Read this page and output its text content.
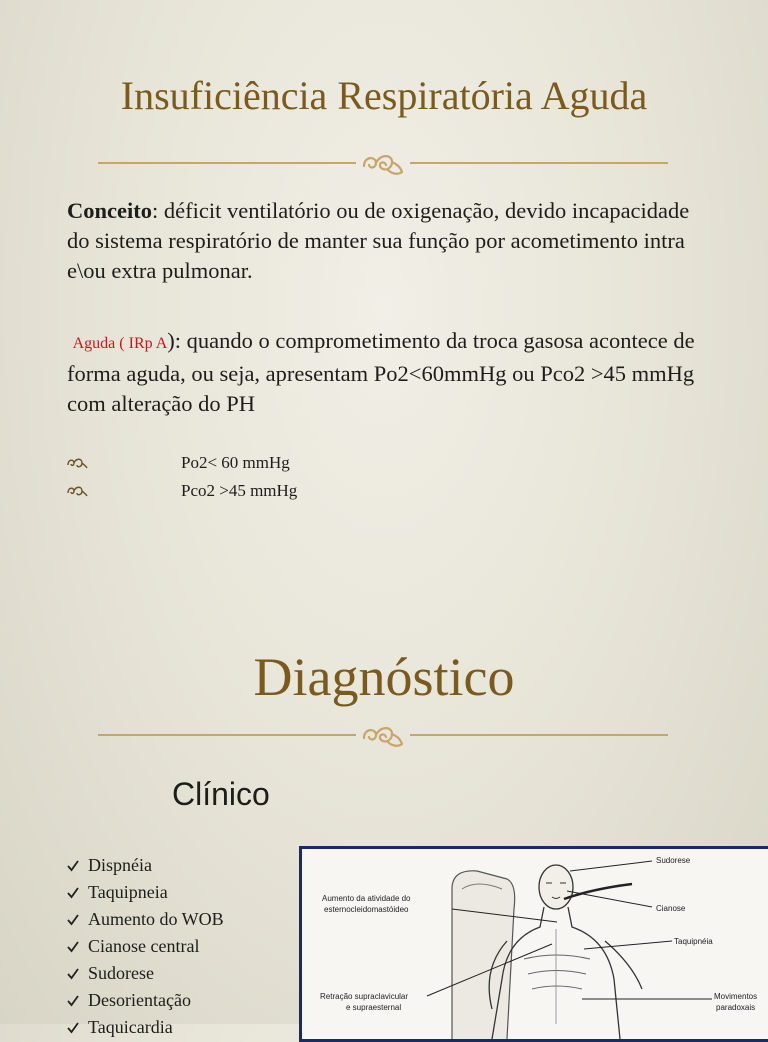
Insuficiência Respiratória Aguda

Conceito: déficit ventilatório ou de oxigenação, devido incapacidade do sistema respiratório de manter sua função por acometimento intra e\ou extra pulmonar.

Aguda ( IRp A): quando o comprometimento da troca gasosa acontece de forma aguda, ou seja, apresentam Po2<60mmHg ou Pco2 >45 mmHg com alteração do PH

Po2< 60 mmHg
Pco2 >45 mmHg
Diagnóstico
Clínico
Dispnéia
Taquipneia
Aumento do WOB
Cianose central
Sudorese
Desorientação
Taquicardia
Sudorese
Aumento da atividade do
esternocleidomastóideo	Cianose
Taquipnéia
Retração supraclavicular
e supraesternal
Movimentos
paradoxais
